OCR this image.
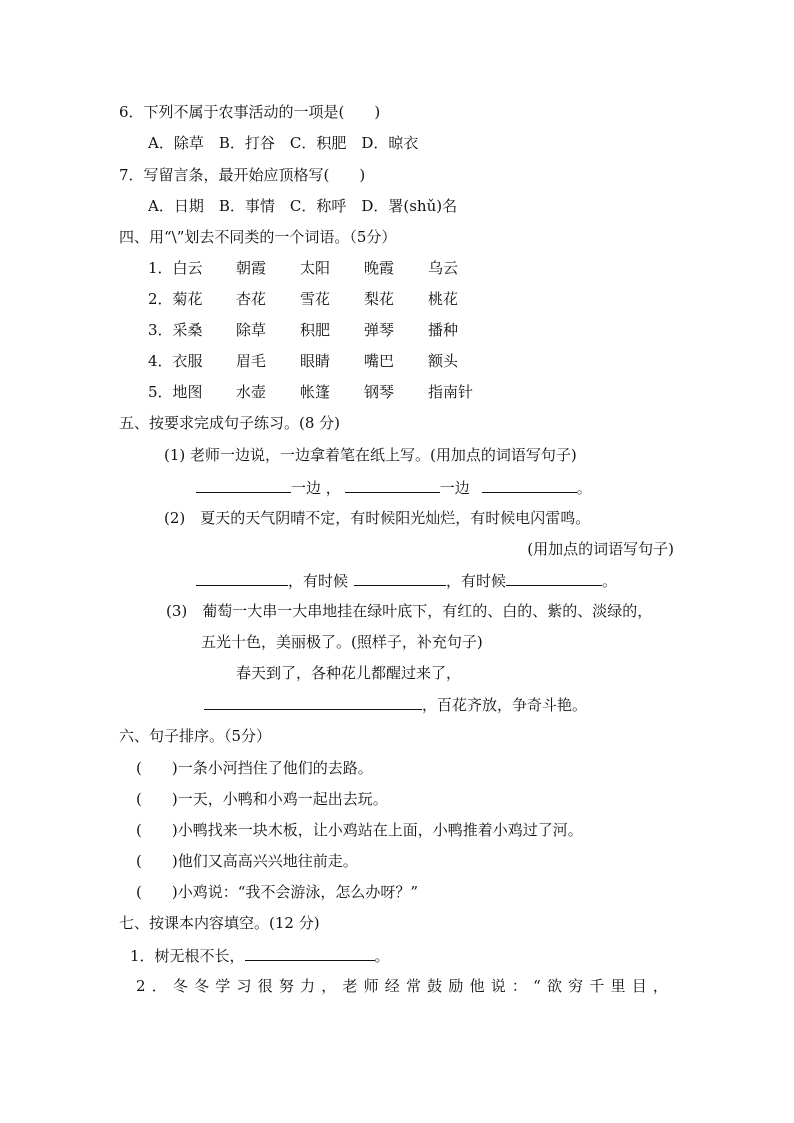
6．下列不属于农事活动的一项是(　　)
A．除草　B．打谷　C．积肥　D．晾衣
7．写留言条，最开始应顶格写(　　)
A．日期　B．事情　C．称呼　D．署(shǔ)名
四、用“\”划去不同类的一个词语。（5分）
1．白云 朝霞 太阳 晚霞 乌云
2．菊花 杏花 雪花 梨花 桃花
3．采桑 除草 积肥 弹琴 播种
4．衣服 眉毛 眼睛 嘴巴 额头
5．地图 水壶 帐篷 钢琴 指南针
五、按要求完成句子练习。(8 分)
(1) 老师一边说，一边拿着笔在纸上写。(用加点的词语写句子)
一边 ，	一边	。
(2)　夏天的天气阴晴不定，有时候阳光灿烂，有时候电闪雷鸣。
(用加点的词语写句子)
，有时候	，有时候	。
(3)　葡萄一大串一大串地挂在绿叶底下，有红的、白的、紫的、淡绿的，
五光十色，美丽极了。(照样子，补充句子)
春天到了，各种花儿都醒过来了，
，百花齐放，争奇斗艳。
六、句子排序。（5分）
(　　)一条小河挡住了他们的去路。
(　　)一天，小鸭和小鸡一起出去玩。
(　　)小鸭找来一块木板，让小鸡站在上面，小鸭推着小鸡过了河。
(　　)他们又高高兴兴地往前走。
(　　)小鸡说：“我不会游泳，怎么办呀？”
七、按课本内容填空。(12 分)
1．树无根不长，	。
2 ． 冬 冬 学 习 很 努 力 ， 老 师 经 常 鼓 励 他 说 ： “ 欲 穷 千 里 目 ，
